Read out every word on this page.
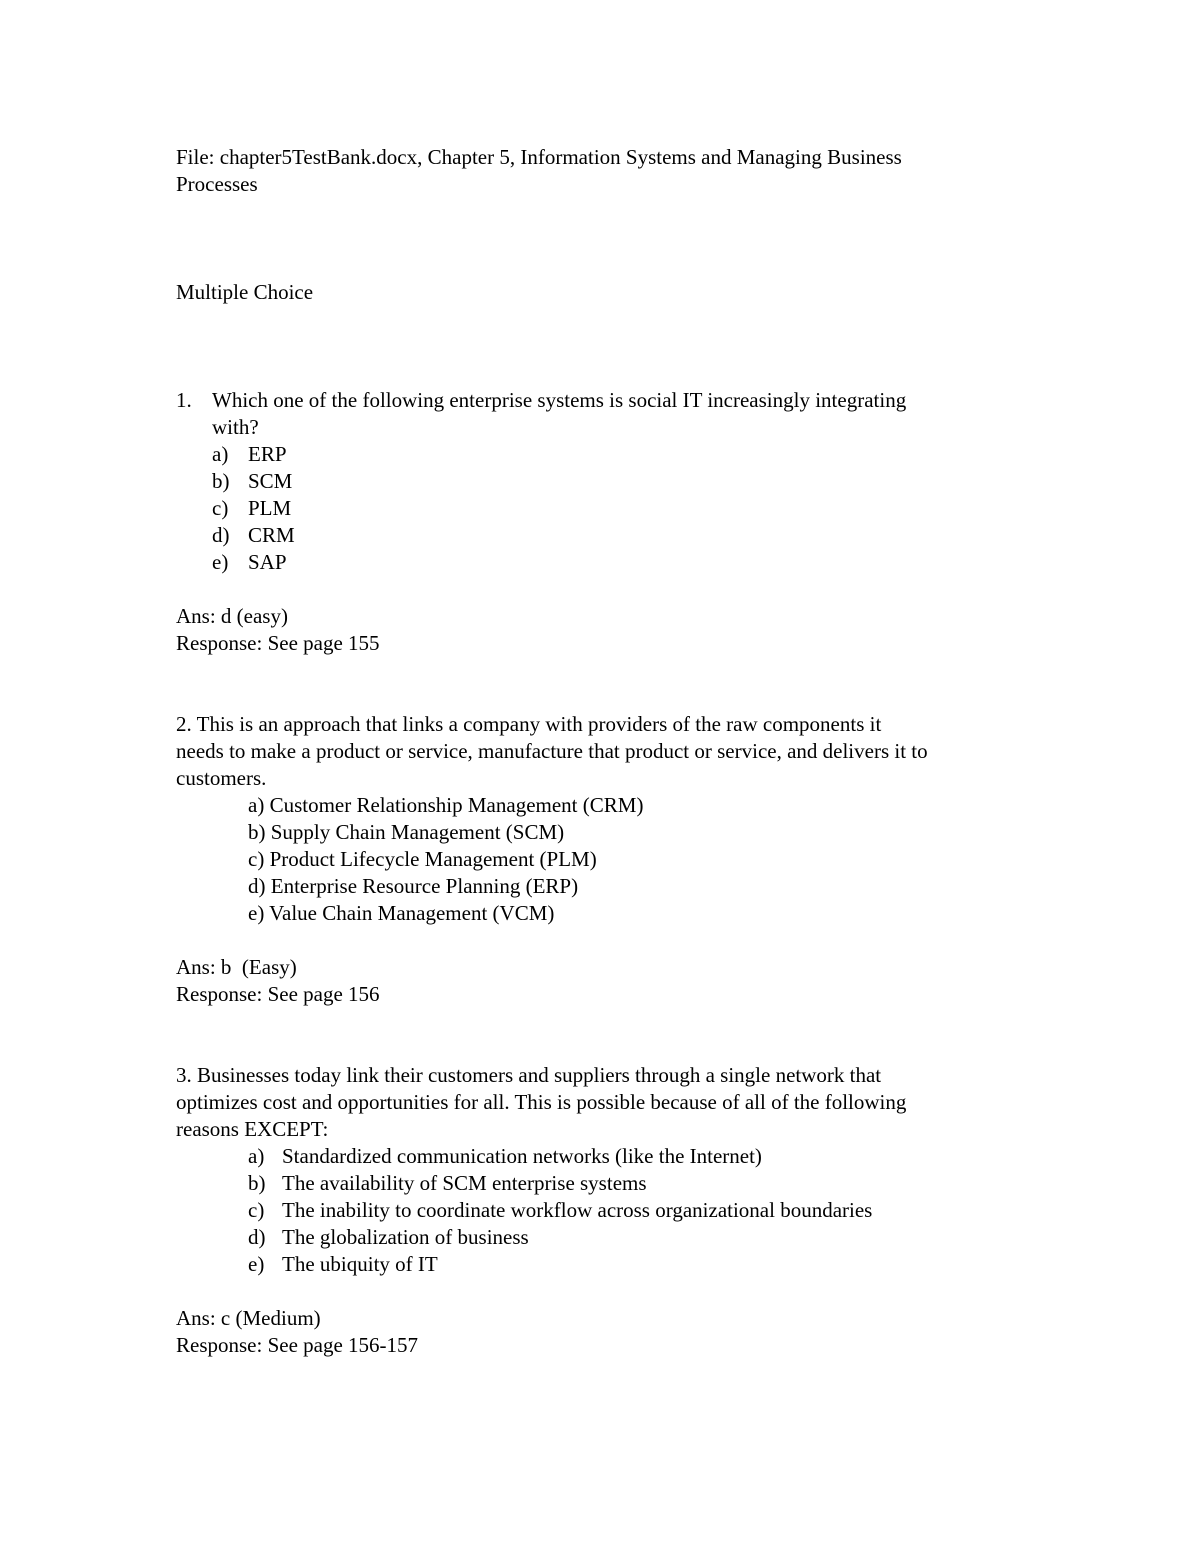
File: chapter5TestBank.docx, Chapter 5, Information Systems and Managing Business
Processes
Multiple Choice
1. Which one of the following enterprise systems is social IT increasingly integrating
with?
a) ERP
b) SCM
c) PLM
d) CRM
e) SAP
Ans: d (easy)
Response: See page 155
2. This is an approach that links a company with providers of the raw components it
needs to make a product or service, manufacture that product or service, and delivers it to
customers.
a) Customer Relationship Management (CRM)
b) Supply Chain Management (SCM)
c) Product Lifecycle Management (PLM)
d) Enterprise Resource Planning (ERP)
e) Value Chain Management (VCM)
Ans: b  (Easy)
Response: See page 156
3. Businesses today link their customers and suppliers through a single network that
optimizes cost and opportunities for all. This is possible because of all of the following
reasons EXCEPT:
a) Standardized communication networks (like the Internet)
b) The availability of SCM enterprise systems
c) The inability to coordinate workflow across organizational boundaries
d) The globalization of business
e) The ubiquity of IT
Ans: c (Medium)
Response: See page 156-157
